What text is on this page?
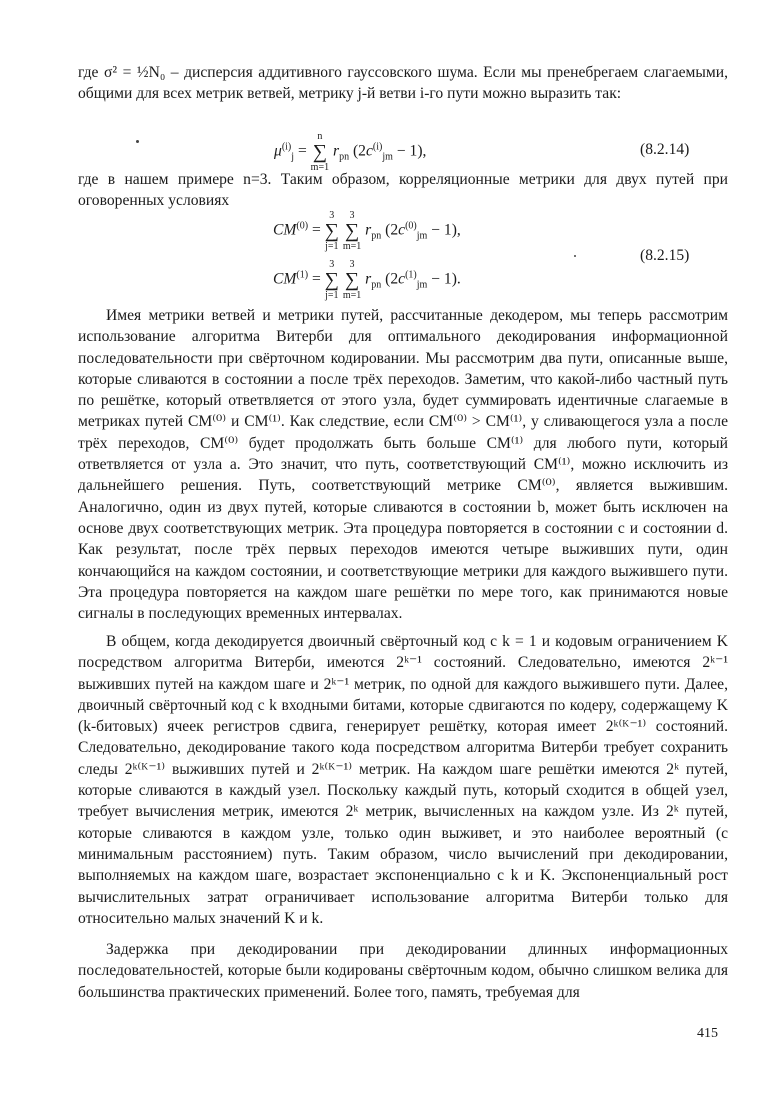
где σ² = ½N₀ – дисперсия аддитивного гауссовского шума. Если мы пренебрегаем слагаемыми, общими для всех метрик ветвей, метрику j-й ветви i-го пути можно выразить так:

$\mu^{(i)}_j$ =
n
∑
m=1
$r_{pn}$ $(2c^{(i)}_{jm} - 1)$,	(8.2.14)

где в нашем примере n=3. Таким образом, корреляционные метрики для двух путей при оговоренных условиях

$CM^{(0)}$ =
3
∑
j=1

3
∑
m=1
$r_{pn}$ $(2c^{(0)}_{jm} - 1)$,
$CM^{(1)}$ =
3
∑
j=1

3
∑
m=1
$r_{pn}$ $(2c^{(1)}_{jm} - 1)$.
(8.2.15)

Имея метрики ветвей и метрики путей, рассчитанные декодером, мы теперь рассмотрим использование алгоритма Витерби для оптимального декодирования информационной последовательности при свёрточном кодировании. Мы рассмотрим два пути, описанные выше, которые сливаются в состоянии a после трёх переходов. Заметим, что какой-либо частный путь по решётке, который ответвляется от этого узла, будет суммировать идентичные слагаемые в метриках путей CM⁽⁰⁾ и CM⁽¹⁾. Как следствие, если CM⁽⁰⁾ > CM⁽¹⁾, у сливающегося узла a после трёх переходов, CM⁽⁰⁾ будет продолжать быть больше CM⁽¹⁾ для любого пути, который ответвляется от узла a. Это значит, что путь, соответствующий CM⁽¹⁾, можно исключить из дальнейшего решения. Путь, соответствующий метрике CM⁽⁰⁾, является выжившим. Аналогично, один из двух путей, которые сливаются в состоянии b, может быть исключен на основе двух соответствующих метрик. Эта процедура повторяется в состоянии c и состоянии d. Как результат, после трёх первых переходов имеются четыре выживших пути, один кончающийся на каждом состоянии, и соответствующие метрики для каждого выжившего пути. Эта процедура повторяется на каждом шаге решётки по мере того, как принимаются новые сигналы в последующих временных интервалах.

В общем, когда декодируется двоичный свёрточный код с k = 1 и кодовым ограничением K посредством алгоритма Витерби, имеются 2ᵏ⁻¹ состояний. Следовательно, имеются 2ᵏ⁻¹ выживших путей на каждом шаге и 2ᵏ⁻¹ метрик, по одной для каждого выжившего пути. Далее, двоичный свёрточный код с k входными битами, которые сдвигаются по кодеру, содержащему K (k-битовых) ячеек регистров сдвига, генерирует решётку, которая имеет 2ᵏ⁽ᴷ⁻¹⁾ состояний. Следовательно, декодирование такого кода посредством алгоритма Витерби требует сохранить следы 2ᵏ⁽ᴷ⁻¹⁾ выживших путей и 2ᵏ⁽ᴷ⁻¹⁾ метрик. На каждом шаге решётки имеются 2ᵏ путей, которые сливаются в каждый узел. Поскольку каждый путь, который сходится в общей узел, требует вычисления метрик, имеются 2ᵏ метрик, вычисленных на каждом узле. Из 2ᵏ путей, которые сливаются в каждом узле, только один выживет, и это наиболее вероятный (с минимальным расстоянием) путь. Таким образом, число вычислений при декодировании, выполняемых на каждом шаге, возрастает экспоненциально с k и K. Экспоненциальный рост вычислительных затрат ограничивает использование алгоритма Витерби только для относительно малых значений K и k.

Задержка при декодировании при декодировании длинных информационных последовательностей, которые были кодированы свёрточным кодом, обычно слишком велика для большинства практических применений. Более того, память, требуемая для

415
